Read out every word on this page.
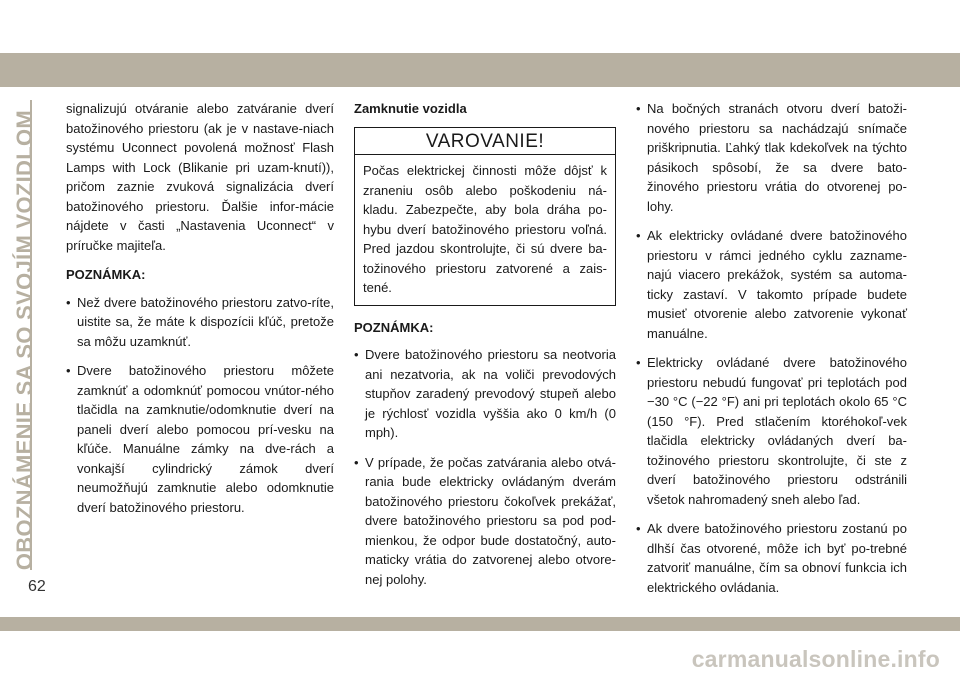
OBOZNÁMENIE SA SO SVOJÍM VOZIDLOM
62

signalizujú otváranie alebo zatváranie dverí batožinového priestoru (ak je v nastave-niach systému Uconnect povolená možnosť Flash Lamps with Lock (Blikanie pri uzam-knutí)), pričom zaznie zvuková signalizácia dverí batožinového priestoru. Ďalšie infor-mácie nájdete v časti „Nastavenia Uconnect“ v príručke majiteľa.

POZNÁMKA:
• Než dvere batožinového priestoru zatvo-ríte, uistite sa, že máte k dispozícii kľúč, pretože sa môžu uzamknúť.
• Dvere batožinového priestoru môžete zamknúť a odomknúť pomocou vnútor-ného tlačidla na zamknutie/odomknutie dverí na paneli dverí alebo pomocou prí-vesku na kľúče. Manuálne zámky na dve-rách a vonkajší cylindrický zámok dverí neumožňujú zamknutie alebo odomknutie dverí batožinového priestoru.
Zamknutie vozidla
VAROVANIE!
Počas elektrickej činnosti môže dôjsť k zraneniu osôb alebo poškodeniu ná-kladu. Zabezpečte, aby bola dráha po-hybu dverí batožinového priestoru voľná. Pred jazdou skontrolujte, či sú dvere ba-tožinového priestoru zatvorené a zais-tené.
POZNÁMKA:
• Dvere batožinového priestoru sa neotvoria ani nezatvoria, ak na voliči prevodových stupňov zaradený prevodový stupeň alebo je rýchlosť vozidla vyššia ako 0 km/h (0 mph).
• V prípade, že počas zatvárania alebo otvá-rania bude elektricky ovládaným dverám batožinového priestoru čokoľvek prekážať, dvere batožinového priestoru sa pod pod-mienkou, že odpor bude dostatočný, auto-maticky vrátia do zatvorenej alebo otvore-nej polohy.
• Na bočných stranách otvoru dverí batoži-nového priestoru sa nachádzajú snímače priškripnutia. Ľahký tlak kdekoľvek na týchto pásikoch spôsobí, že sa dvere bato-žinového priestoru vrátia do otvorenej po-lohy.
• Ak elektricky ovládané dvere batožinového priestoru v rámci jedného cyklu zazname-najú viacero prekážok, systém sa automa-ticky zastaví. V takomto prípade budete musieť otvorenie alebo zatvorenie vykonať manuálne.
• Elektricky ovládané dvere batožinového priestoru nebudú fungovať pri teplotách pod −30 °C (−22 °F) ani pri teplotách okolo 65 °C (150 °F). Pred stlačením ktoréhokoľ-vek tlačidla elektricky ovládaných dverí ba-tožinového priestoru skontrolujte, či ste z dverí batožinového priestoru odstránili všetok nahromadený sneh alebo ľad.
• Ak dvere batožinového priestoru zostanú po dlhší čas otvorené, môže ich byť po-trebné zatvoriť manuálne, čím sa obnoví funkcia ich elektrického ovládania.
carmanualsonline.info
